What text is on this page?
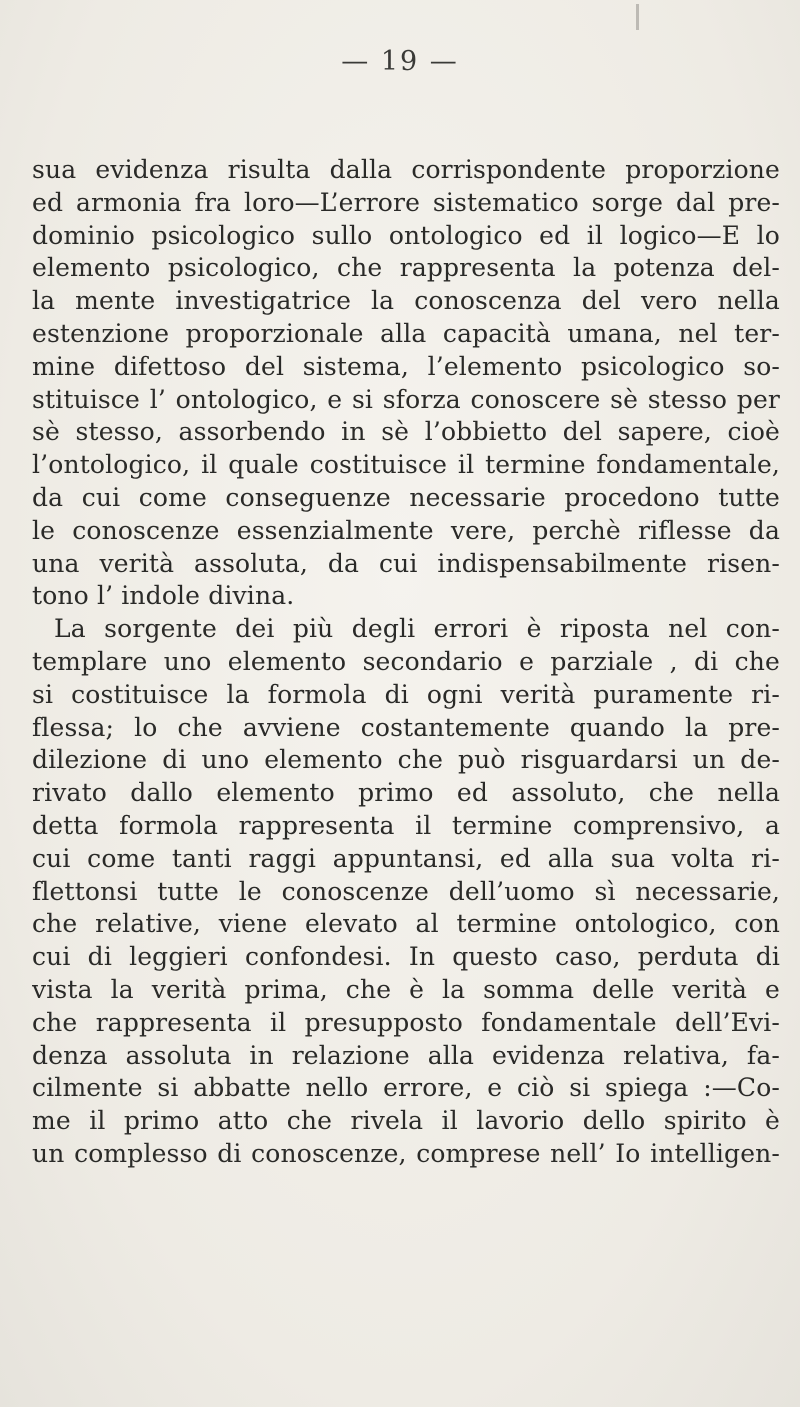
— 19 —
sua evidenza risulta dalla corrispondente proporzione
ed armonia fra loro—L’errore sistematico sorge dal pre-
dominio psicologico sullo ontologico ed il logico—E lo
elemento psicologico, che rappresenta la potenza del-
la mente investigatrice la conoscenza del vero nella
estenzione proporzionale alla capacità umana, nel ter-
mine difettoso del sistema, l’elemento psicologico so-
stituisce l’ ontologico, e si sforza conoscere sè stesso per
sè stesso, assorbendo in sè l’obbietto del sapere, cioè
l’ontologico, il quale costituisce il termine fondamentale,
da cui come conseguenze necessarie procedono tutte
le conoscenze essenzialmente vere, perchè riflesse da
una verità assoluta, da cui indispensabilmente risen-
tono l’ indole divina.
La sorgente dei più degli errori è riposta nel con-
templare uno elemento secondario e parziale , di che
si costituisce la formola di ogni verità puramente ri-
flessa; lo che avviene costantemente quando la pre-
dilezione di uno elemento che può risguardarsi un de-
rivato dallo elemento primo ed assoluto, che nella
detta formola rappresenta il termine comprensivo, a
cui come tanti raggi appuntansi, ed alla sua volta ri-
flettonsi tutte le conoscenze dell’uomo sì necessarie,
che relative, viene elevato al termine ontologico, con
cui di leggieri confondesi. In questo caso, perduta di
vista la verità prima, che è la somma delle verità e
che rappresenta il presupposto fondamentale dell’Evi-
denza assoluta in relazione alla evidenza relativa, fa-
cilmente si abbatte nello errore, e ciò si spiega :—Co-
me il primo atto che rivela il lavorio dello spirito è
un complesso di conoscenze, comprese nell’ Io intelligen-
